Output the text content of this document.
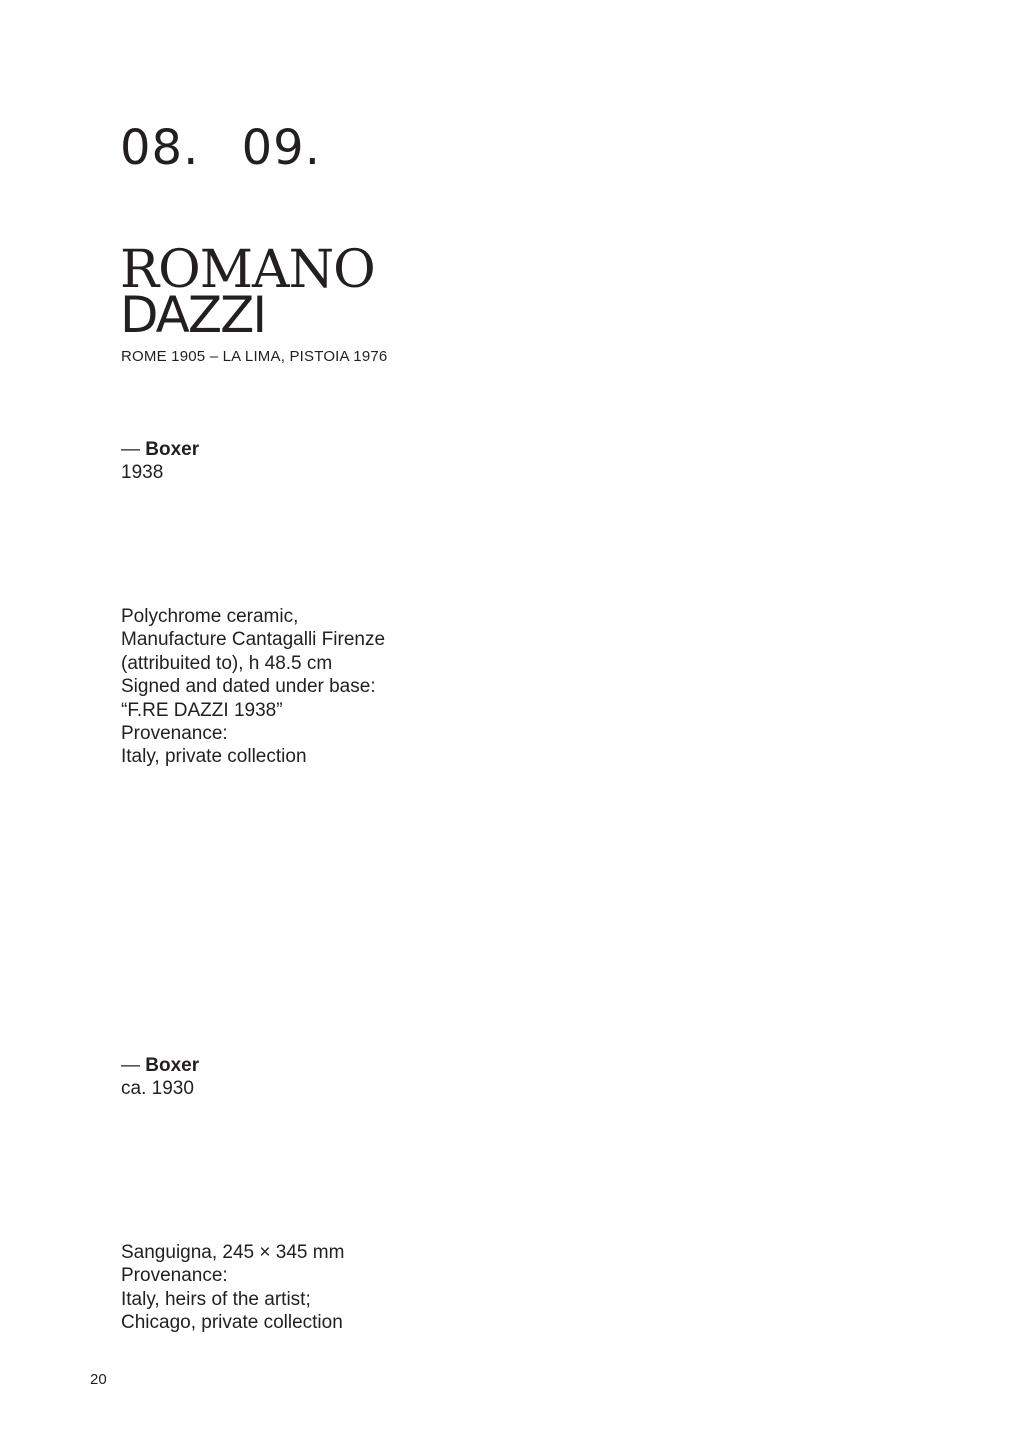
08. 09.
ROMANO
DAZZI
ROME 1905 – LA LIMA, PISTOIA 1976
— Boxer
1938
Polychrome ceramic,
Manufacture Cantagalli Firenze
(attribuited to), h 48.5 cm
Signed and dated under base:
“F.RE DAZZI 1938”
Provenance:
Italy, private collection
— Boxer
ca. 1930
Sanguigna, 245 × 345 mm
Provenance:
Italy, heirs of the artist;
Chicago, private collection
20
